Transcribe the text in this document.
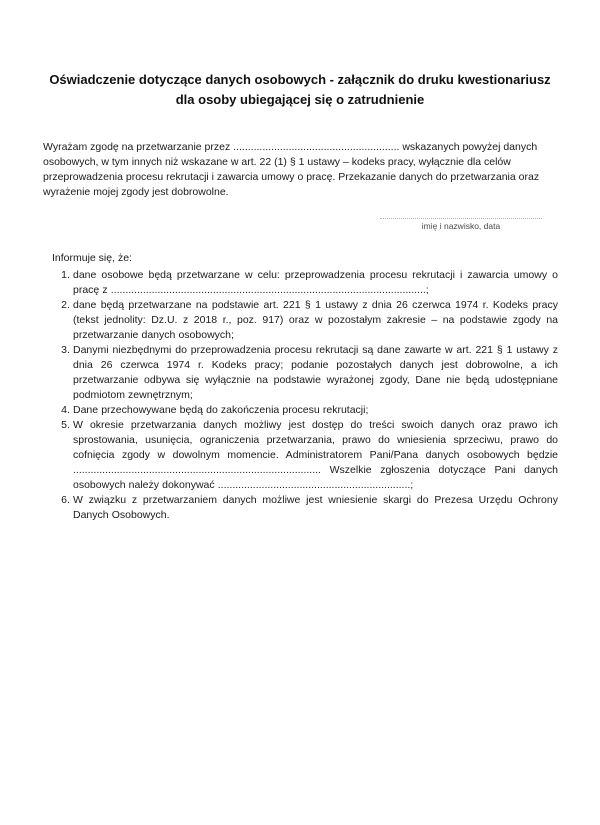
Oświadczenie dotyczące danych osobowych - załącznik do druku kwestionariusz
dla osoby ubiegającej się o zatrudnienie

Wyrażam zgodę na przetwarzanie przez ......................................................... wskazanych powyżej danych osobowych, w tym innych niż wskazane w art. 22 (1) § 1 ustawy – kodeks pracy, wyłącznie dla celów przeprowadzenia procesu rekrutacji i zawarcia umowy o pracę. Przekazanie danych do przetwarzania oraz wyrażenie mojej zgody jest dobrowolne.

imię i nazwisko, data

Informuje się, że:

1. dane osobowe będą przetwarzane w celu: przeprowadzenia procesu rekrutacji i zawarcia umowy o pracę z ............................................................................................................;
2. dane będą przetwarzane na podstawie art. 221 § 1 ustawy z dnia 26 czerwca 1974 r. Kodeks pracy (tekst jednolity: Dz.U. z 2018 r., poz. 917) oraz w pozostałym zakresie – na podstawie zgody na przetwarzanie danych osobowych;
3. Danymi niezbędnymi do przeprowadzenia procesu rekrutacji są dane zawarte w art. 221 § 1 ustawy z dnia 26 czerwca 1974 r. Kodeks pracy; podanie pozostałych danych jest dobrowolne, a ich przetwarzanie odbywa się wyłącznie na podstawie wyrażonej zgody, Dane nie będą udostępniane podmiotom zewnętrznym;
4. Dane przechowywane będą do zakończenia procesu rekrutacji;
5. W okresie przetwarzania danych możliwy jest dostęp do treści swoich danych oraz prawo ich sprostowania, usunięcia, ograniczenia przetwarzania, prawo do wniesienia sprzeciwu, prawo do cofnięcia zgody w dowolnym momencie. Administratorem Pani/Pana danych osobowych będzie ..................................................................................... Wszelkie zgłoszenia dotyczące Pani danych osobowych należy dokonywać ..................................................................;
6. W związku z przetwarzaniem danych możliwe jest wniesienie skargi do Prezesa Urzędu Ochrony Danych Osobowych.
